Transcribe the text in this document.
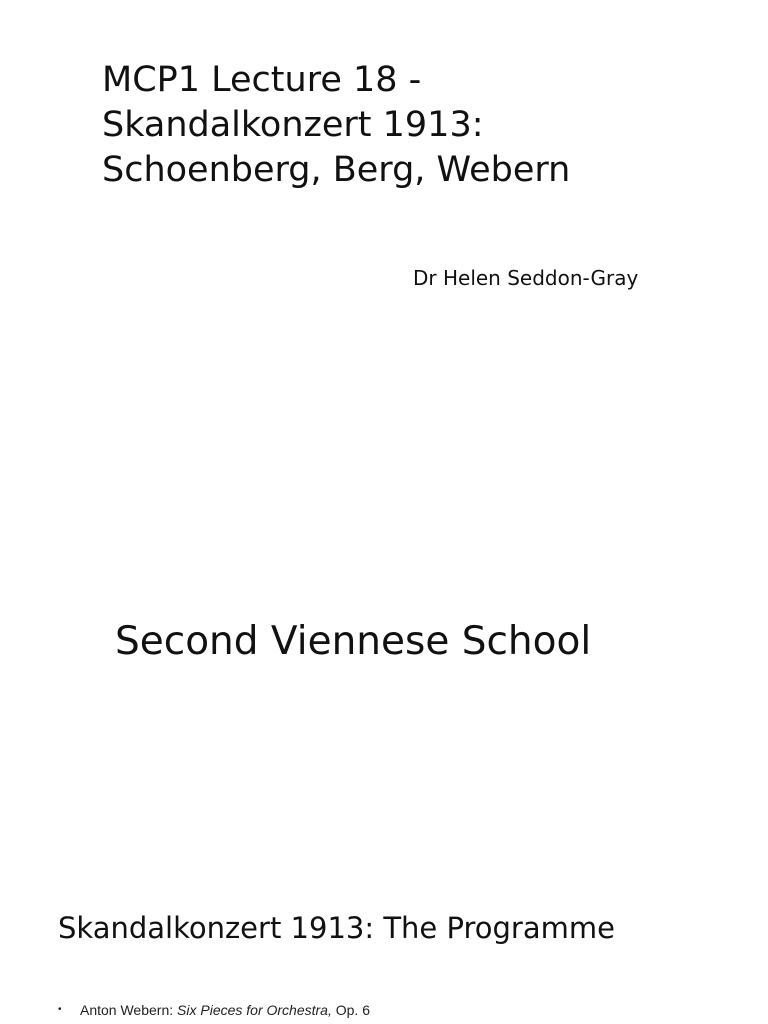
MCP1 Lecture 18 -
Skandalkonzert 1913:
Schoenberg, Berg, Webern

Dr Helen Seddon-Gray

Second Viennese School
Skandalkonzert 1913: The Programme
• Anton Webern: Six Pieces for Orchestra, Op. 6
